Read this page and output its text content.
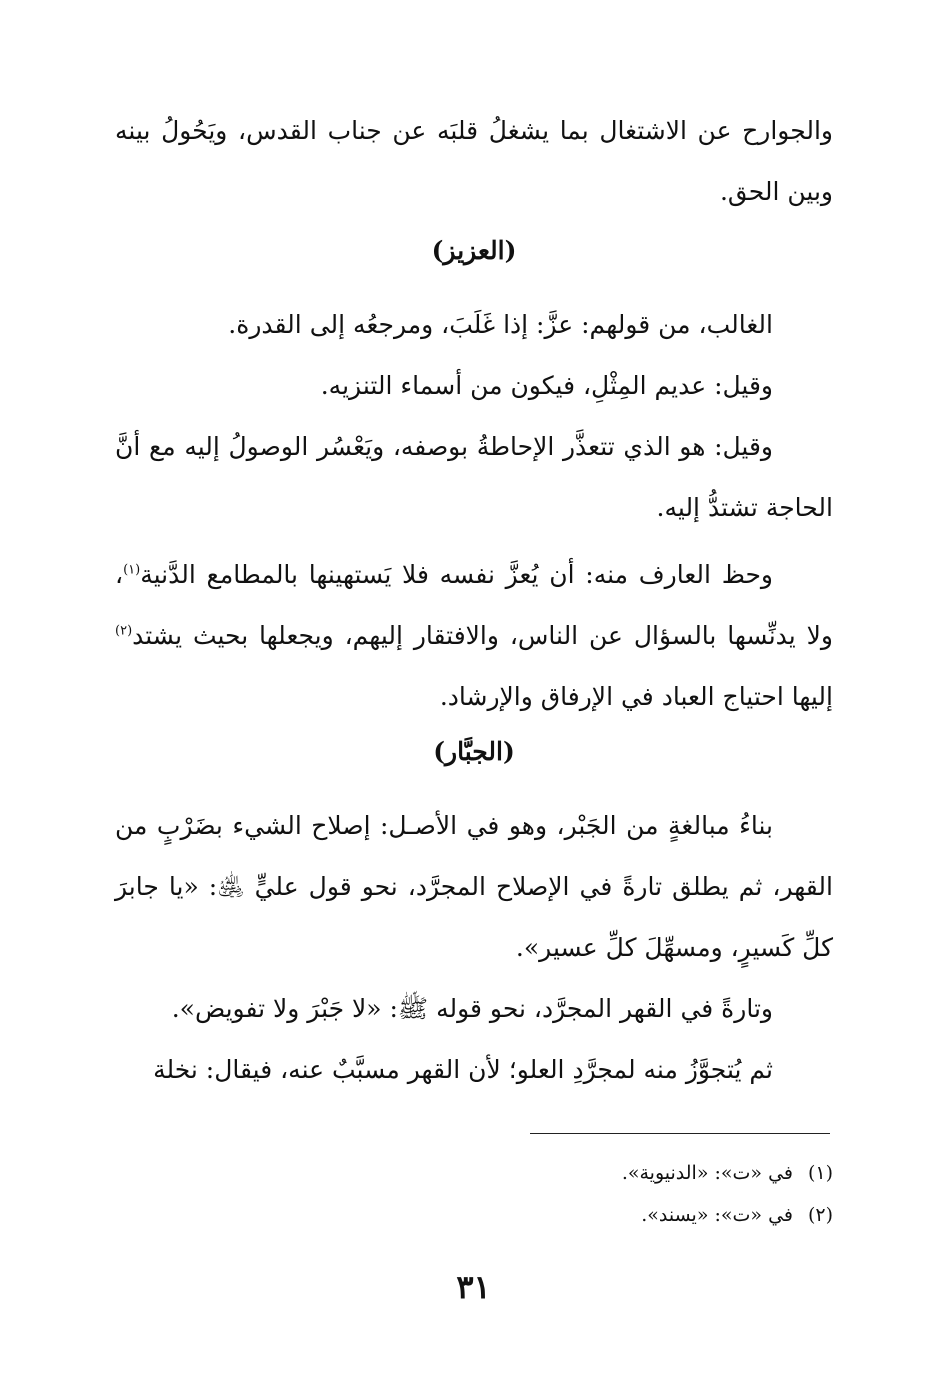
والجوارح عن الاشتغال بما يشغلُ قلبَه عن جناب القدس، ويَحُولُ بينه وبين الحق.

(العزيز)

الغالب، من قولهم: عزَّ: إذا غَلَبَ، ومرجعُه إلى القدرة.

وقيل: عديم المِثْلِ، فيكون من أسماء التنزيه.

وقيل: هو الذي تتعذَّر الإحاطةُ بوصفه، ويَعْسُر الوصولُ إليه مع أنَّ الحاجة تشتدُّ إليه.

وحظ العارف منه: أن يُعزَّ نفسه فلا يَستهينها بالمطامع الدَّنية$^{(١)}$، ولا يدنِّسها بالسؤال عن الناس، والافتقار إليهم، ويجعلها بحيث يشتد$^{(٢)}$ إليها احتياج العباد في الإرفاق والإرشاد.

(الجبَّار)

بناءُ مبالغةٍ من الجَبْر، وهو في الأصـل: إصلاح الشيء بضَرْبٍ من القهر، ثم يطلق تارةً في الإصلاح المجرَّد، نحو قول عليٍّ ﵁: «يا جابرَ كلِّ كَسيرٍ، ومسهِّلَ كلِّ عسير».

وتارةً في القهر المجرَّد، نحو قوله ﷺ: «لا جَبْرَ ولا تفويض».

ثم يُتجوَّزُ منه لمجرَّدِ العلو؛ لأن القهر مسبَّبٌ عنه، فيقال: نخلة

(١)في «ت»: «الدنيوية».

(٢)في «ت»: «يسند».

٣١
